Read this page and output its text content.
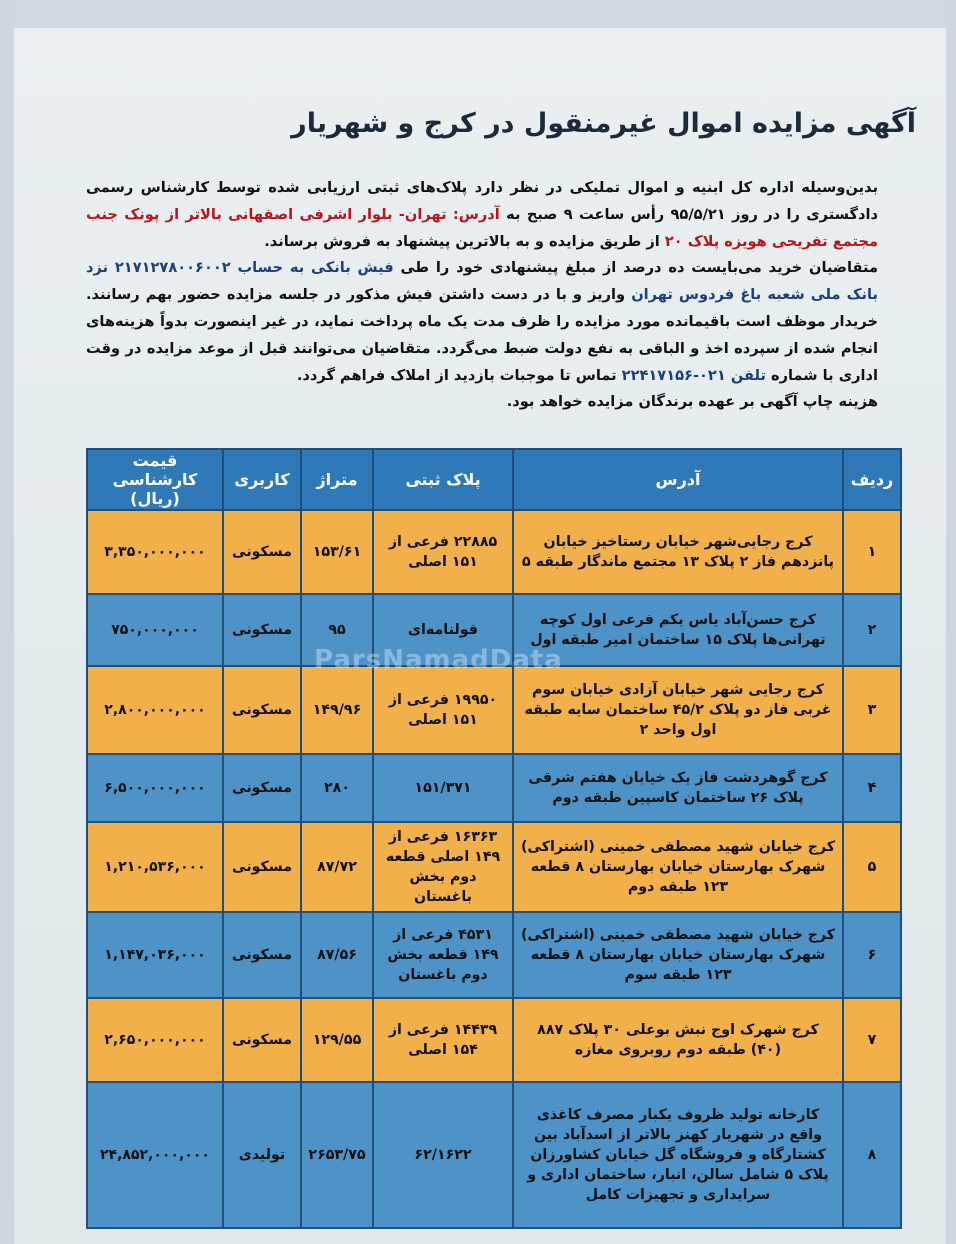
آگهی مزایده اموال غیرمنقول در کرج و شهریار
بدین‌وسیله اداره کل ابنیه و اموال تملیکی در نظر دارد پلاک‌های ثبتی ارزیابی شده توسط کارشناس رسمی دادگستری را در روز ۹۵/۵/۲۱ رأس ساعت ۹ صبح به آدرس: تهران- بلوار اشرفی اصفهانی بالاتر از پونک جنب مجتمع تفریحی هویزه پلاک ۲۰ از طریق مزایده و به بالاترین پیشنهاد به فروش برساند.
متقاضیان خرید می‌بایست ده درصد از مبلغ پیشنهادی خود را طی فیش بانکی به حساب ۲۱۷۱۲۷۸۰۰۶۰۰۲ نزد بانک ملی شعبه باغ فردوس تهران واریز و با در دست داشتن فیش مذکور در جلسه مزایده حضور بهم رسانند. خریدار موظف است باقیمانده مورد مزایده را ظرف مدت یک ماه پرداخت نماید، در غیر اینصورت بدواً هزینه‌های انجام شده از سپرده اخذ و الباقی به نفع دولت ضبط می‌گردد. متقاضیان می‌توانند قبل از موعد مزایده در وقت اداری با شماره تلفن ۰۲۱-۲۲۴۱۷۱۵۶ تماس تا موجبات بازدید از املاک فراهم گردد.
هزینه چاپ آگهی بر عهده برندگان مزایده خواهد بود.
ردیف	آدرس	پلاک ثبتی	متراژ	کاربری	قیمت کارشناسی (ریال)
۱	کرج رجایی‌شهر خیابان رستاخیز خیابان پانزدهم فاز ۲ پلاک ۱۳ مجتمع ماندگار طبقه ۵	۲۲۸۸۵ فرعی از ۱۵۱ اصلی	۱۵۳/۶۱	مسکونی	۳,۳۵۰,۰۰۰,۰۰۰
۲	کرج حسن‌آباد یاس یکم فرعی اول کوچه تهرانی‌ها پلاک ۱۵ ساختمان امیر طبقه اول	قولنامه‌ای	۹۵	مسکونی	۷۵۰,۰۰۰,۰۰۰
۳	کرج رجایی شهر خیابان آزادی خیابان سوم غربی فاز دو پلاک ۴۵/۲ ساختمان سایه طبقه اول واحد ۲	۱۹۹۵۰ فرعی از ۱۵۱ اصلی	۱۴۹/۹۶	مسکونی	۲,۸۰۰,۰۰۰,۰۰۰
۴	کرج گوهردشت فاز یک خیابان هفتم شرقی پلاک ۲۶ ساختمان کاسپین طبقه دوم	۱۵۱/۳۷۱	۲۸۰	مسکونی	۶,۵۰۰,۰۰۰,۰۰۰
۵	کرج خیابان شهید مصطفی خمینی (اشتراکی) شهرک بهارستان خیابان بهارستان ۸ قطعه ۱۲۳ طبقه دوم	۱۶۳۶۳ فرعی از ۱۴۹ اصلی قطعه دوم بخش باغستان	۸۷/۷۲	مسکونی	۱,۲۱۰,۵۳۶,۰۰۰
۶	کرج خیابان شهید مصطفی خمینی (اشتراکی) شهرک بهارستان خیابان بهارستان ۸ قطعه ۱۲۳ طبقه سوم	۴۵۳۱ فرعی از ۱۴۹ قطعه بخش دوم باغستان	۸۷/۵۶	مسکونی	۱,۱۴۷,۰۳۶,۰۰۰
۷	کرج شهرک اوج نبش بوعلی ۳۰ پلاک ۸۸۷ (۴۰) طبقه دوم روبروی مغازه	۱۴۴۳۹ فرعی از ۱۵۴ اصلی	۱۲۹/۵۵	مسکونی	۲,۶۵۰,۰۰۰,۰۰۰
۸	کارخانه تولید ظروف یکبار مصرف کاغذی واقع در شهریار کهنز بالاتر از اسدآباد بین کشتارگاه و فروشگاه گل خیابان کشاورزان پلاک ۵ شامل سالن، انبار، ساختمان اداری و سرایداری و تجهیزات کامل	۶۲/۱۶۲۲	۲۶۵۳/۷۵	تولیدی	۲۴,۸۵۲,۰۰۰,۰۰۰
ParsNamadData
